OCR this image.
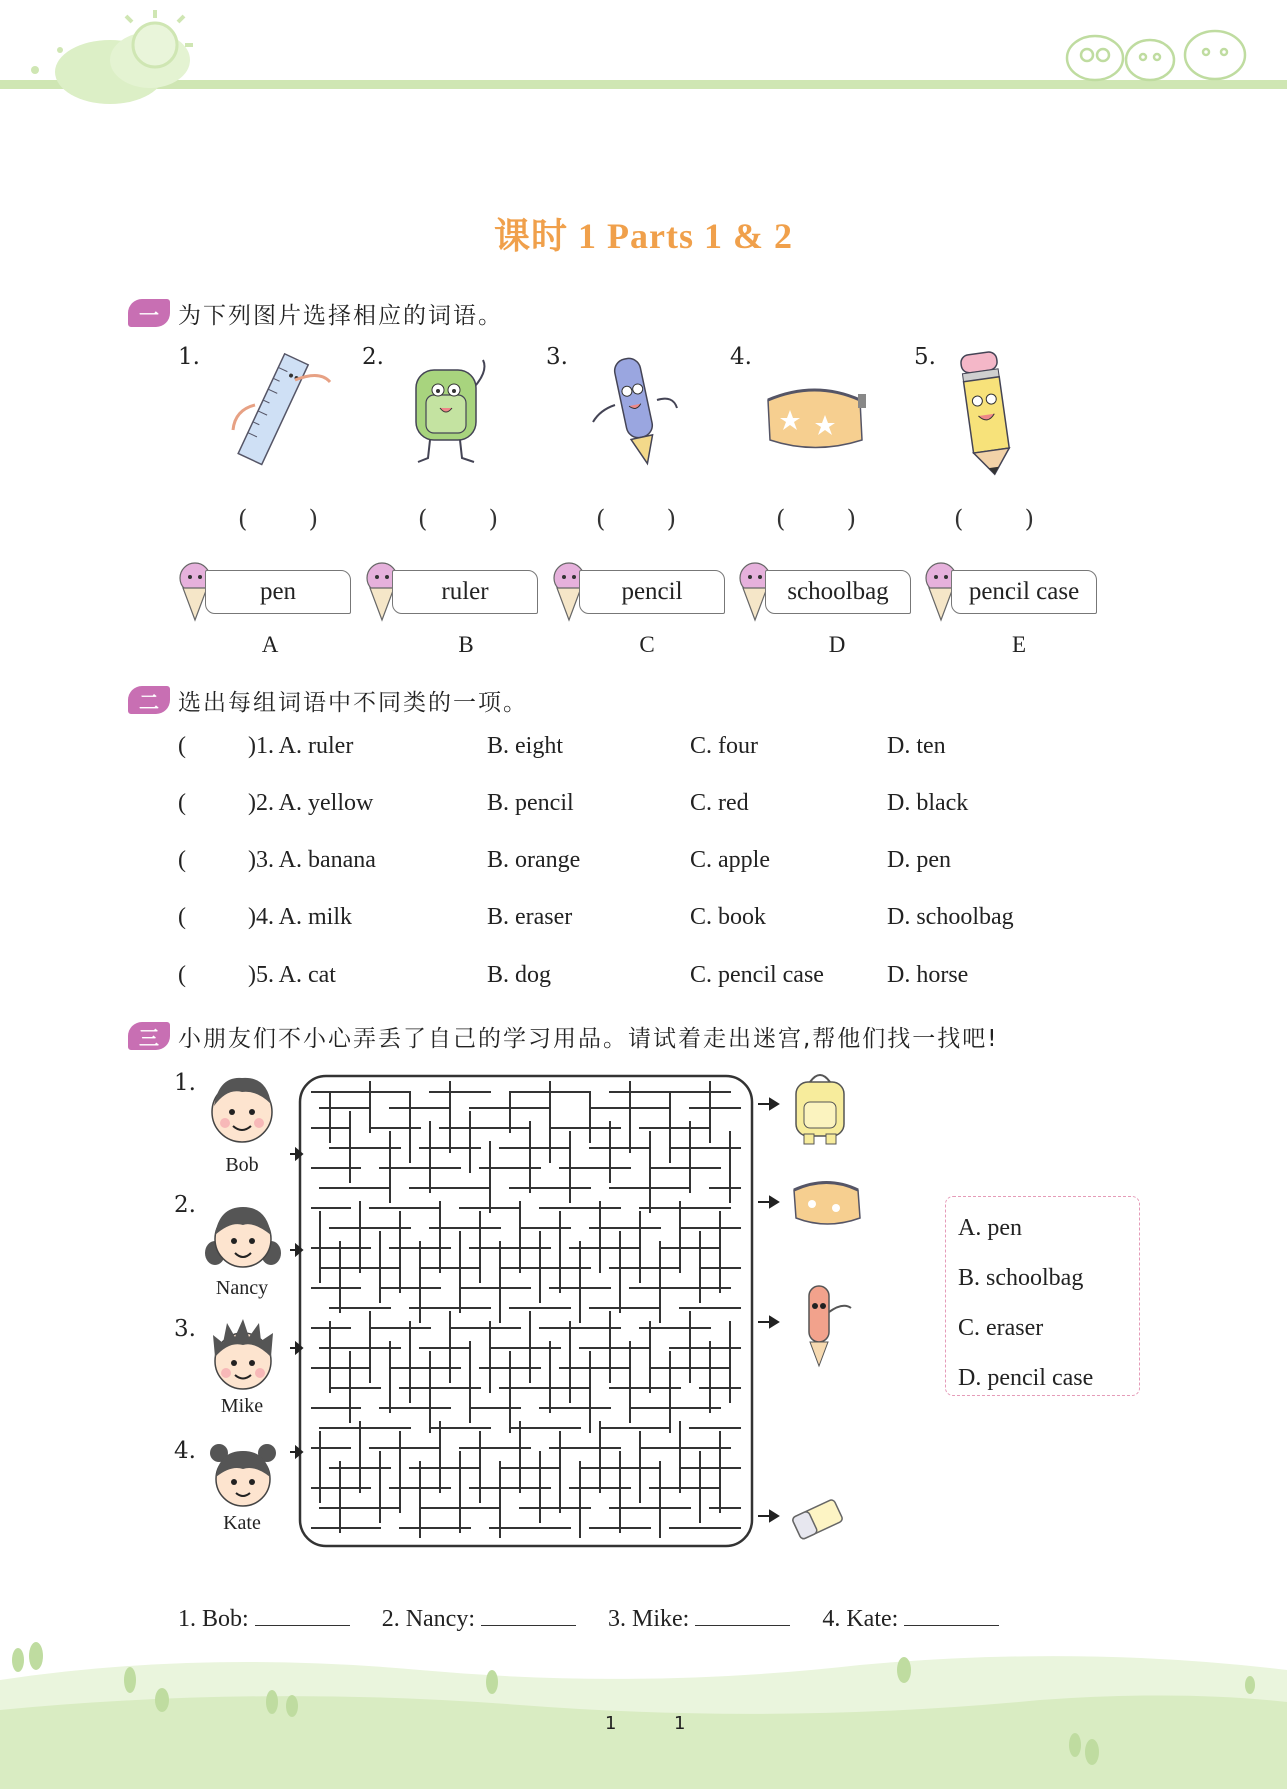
课时 1 Parts 1 & 2
一 为下列图片选择相应的词语。
1.	2.	3.	4.	5.
(	)	(	)	(	)	(	)	(	)
pen	ruler	pencil	schoolbag	pencil case
A	B	C	D	E
二 选出每组词语中不同类的一项。
(	)1. A. ruler	B. eight	C. four	D. ten
(	)2. A. yellow	B. pencil	C. red	D. black
(	)3. A. banana	B. orange	C. apple	D. pen
(	)4. A. milk	B. eraser	C. book	D. schoolbag
(	)5. A. cat	B. dog	C. pencil case	D. horse
三 小朋友们不小心弄丢了自己的学习用品。请试着走出迷宫,帮他们找一找吧!
1.
Bob
2.
Nancy
3.
Mike
4.
Kate
A. pen
B. schoolbag
C. eraser
D. pencil case
1. Bob:	2. Nancy:	3. Mike:	4. Kate:
1	1
